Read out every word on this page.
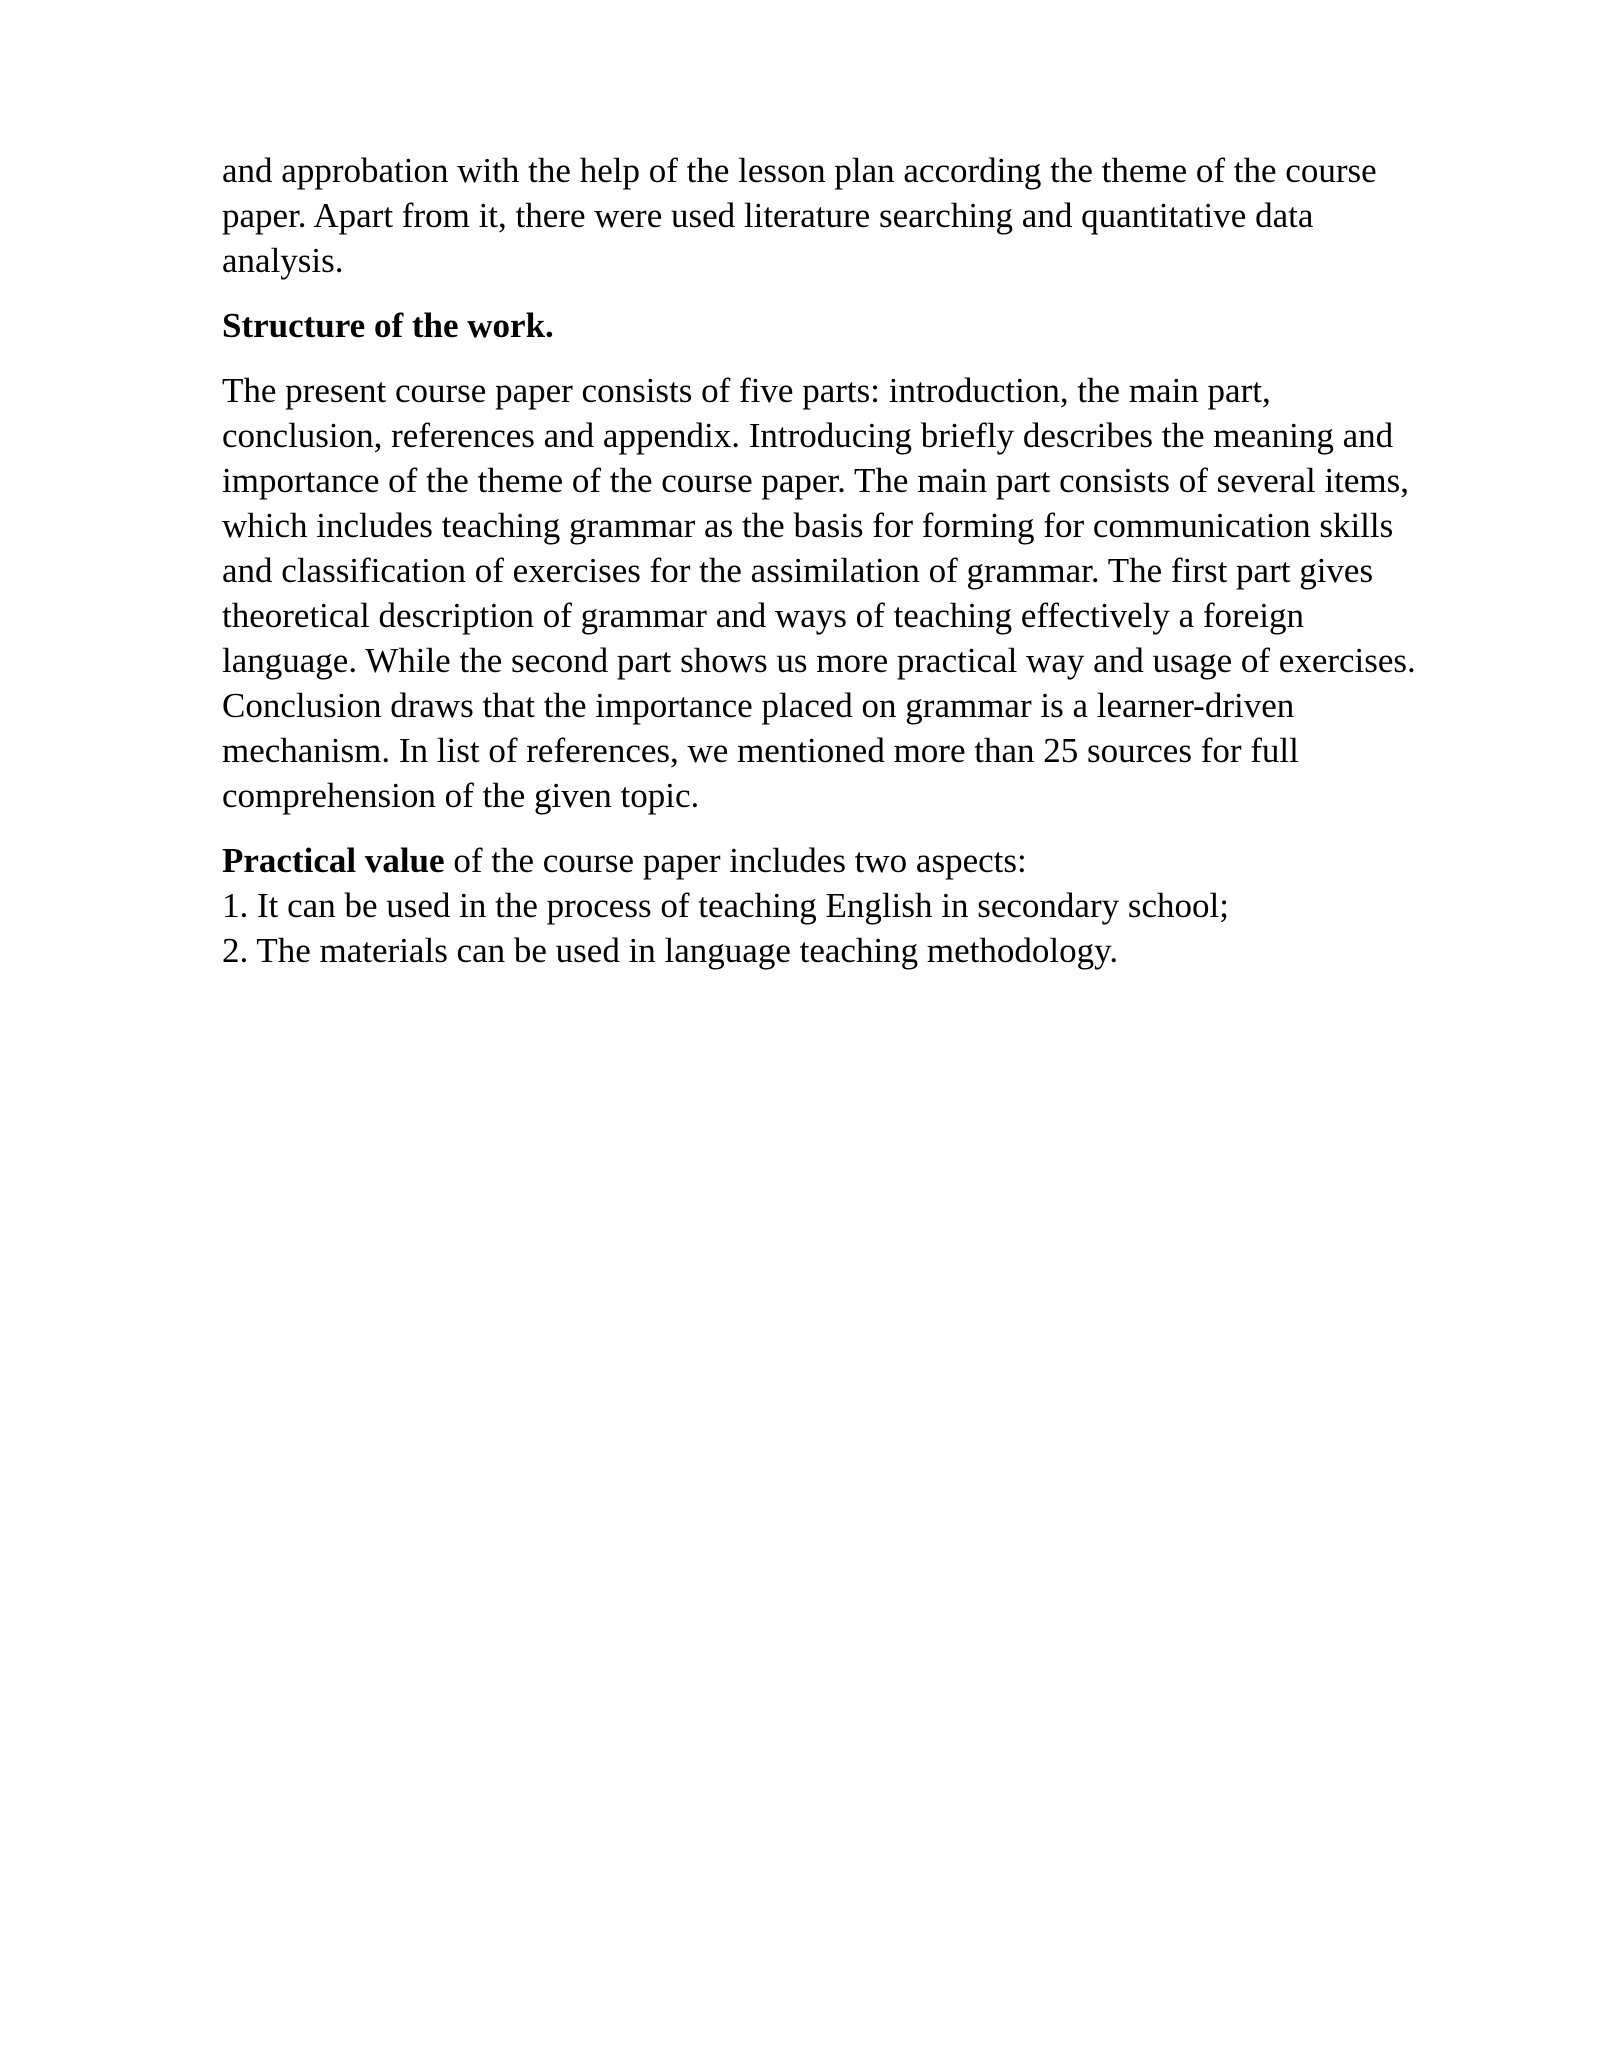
and approbation with the help of the lesson plan according the theme of the course
paper. Apart from it, there were used literature searching and quantitative data
analysis.

Structure of the work.

The present course paper consists of five parts: introduction, the main part,
conclusion, references and appendix. Introducing briefly describes the meaning and
importance of the theme of the course paper. The main part consists of several items,
which includes teaching grammar as the basis for forming for communication skills
and classification of exercises for the assimilation of grammar. The first part gives
theoretical description of grammar and ways of teaching effectively a foreign
language. While the second part shows us more practical way and usage of exercises.
Conclusion draws that the importance placed on grammar is a learner-driven
mechanism. In list of references, we mentioned more than 25 sources for full
comprehension of the given topic.

Practical value of the course paper includes two aspects:
1. It can be used in the process of teaching English in secondary school;
2. The materials can be used in language teaching methodology.
